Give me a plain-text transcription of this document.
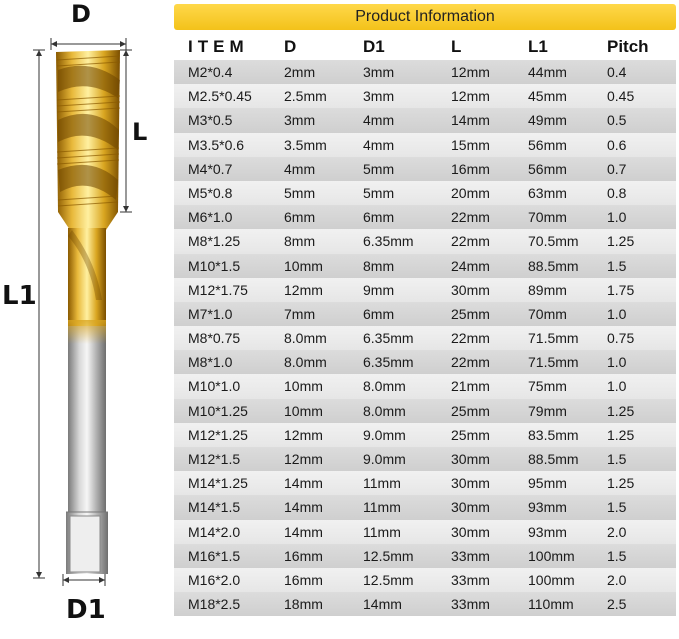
D
L
L1
D1
Product Information
ITEM D	D1	L	L1	Pitch
M2*0.4	2mm	3mm	12mm	44mm	0.4
M2.5*0.45 2.5mm	3mm	12mm	45mm	0.45
M3*0.5	3mm	4mm	14mm	49mm	0.5
M3.5*0.6	3.5mm	4mm	15mm	56mm	0.6
M4*0.7	4mm	5mm	16mm	56mm	0.7
M5*0.8	5mm	5mm	20mm	63mm	0.8
M6*1.0	6mm	6mm	22mm	70mm	1.0
M8*1.25	8mm	6.35mm	22mm	70.5mm 1.25
M10*1.5	10mm	8mm	24mm	88.5mm 1.5
M12*1.75	12mm	9mm	30mm	89mm	1.75
M7*1.0	7mm	6mm	25mm	70mm	1.0
M8*0.75	8.0mm	6.35mm	22mm	71.5mm 0.75
M8*1.0	8.0mm	6.35mm	22mm	71.5mm 1.0
M10*1.0	10mm	8.0mm	21mm	75mm	1.0
M10*1.25	10mm	8.0mm	25mm	79mm	1.25
M12*1.25	12mm	9.0mm	25mm	83.5mm 1.25
M12*1.5	12mm	9.0mm	30mm	88.5mm 1.5
M14*1.25	14mm	11mm	30mm	95mm	1.25
M14*1.5	14mm	11mm	30mm	93mm	1.5
M14*2.0	14mm	11mm	30mm	93mm	2.0
M16*1.5	16mm	12.5mm	33mm	100mm 1.5
M16*2.0	16mm	12.5mm	33mm	100mm 2.0
M18*2.5	18mm	14mm	33mm	110mm 2.5
